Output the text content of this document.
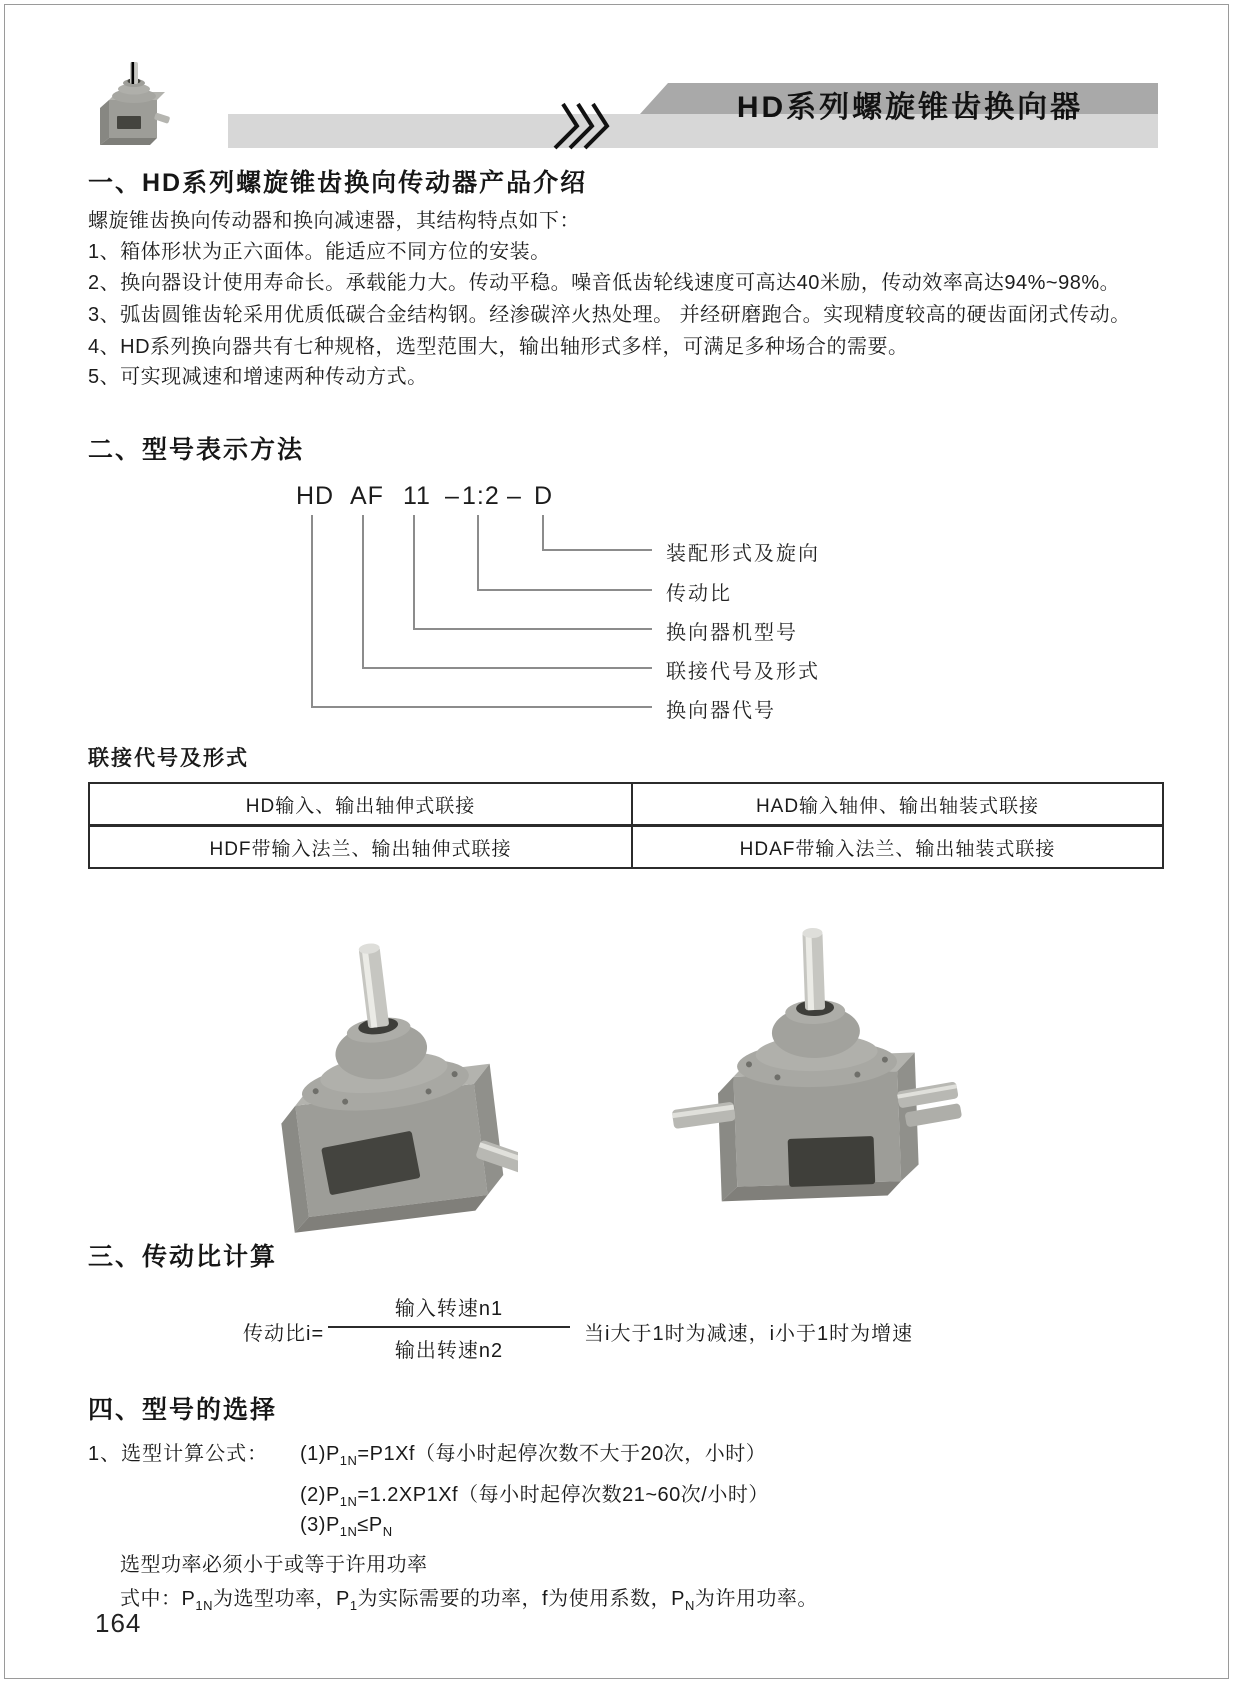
HD系列螺旋锥齿换向器
一、HD系列螺旋锥齿换向传动器产品介绍
螺旋锥齿换向传动器和换向减速器，其结构特点如下：
1、箱体形状为正六面体。能适应不同方位的安装。
2、换向器设计使用寿命长。承载能力大。传动平稳。噪音低齿轮线速度可高达40米励，传动效率高达94%~98%。
3、弧齿圆锥齿轮采用优质低碳合金结构钢。经渗碳淬火热处理。 并经研磨跑合。实现精度较高的硬齿面闭式传动。
4、HD系列换向器共有七种规格，选型范围大，输出轴形式多样，可满足多种场合的需要。
5、可实现减速和增速两种传动方式。
二、型号表示方法
HD AF 11 – 1:2 – D
装配形式及旋向
传动比
换向器机型号
联接代号及形式
换向器代号
联接代号及形式
HD输入、输出轴伸式联接	HAD输入轴伸、输出轴装式联接
HDF带输入法兰、输出轴伸式联接	HDAF带输入法兰、输出轴装式联接
三、传动比计算
传动比i=
输入转速n1
输出转速n2
当i大于1时为减速，i小于1时为增速
四、型号的选择
1、选型计算公式： $(1)P_{1N}=P1Xf$（每小时起停次数不大于20次，小时）
$(2)P_{1N}=1.2XP1Xf$（每小时起停次数21~60次/小时）
$(3)P_{1N}\le P_N$
选型功率必须小于或等于许用功率
式中：$P_{1N}$为选型功率，$P_1$为实际需要的功率，f为使用系数，$P_N$为许用功率。
164
